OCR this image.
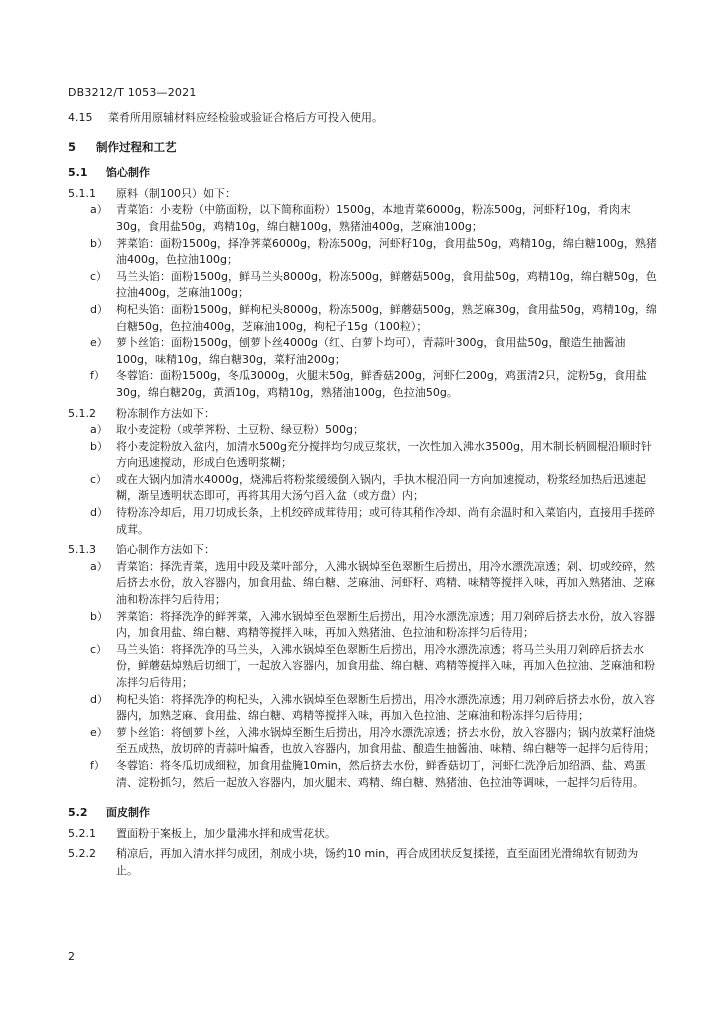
DB3212/T 1053—2021
4.15	菜肴所用原辅材料应经检验或验证合格后方可投入使用。
5	制作过程和工艺
5.1	馅心制作
5.1.1	原料（制100只）如下：
a） 青菜馅：小麦粉（中筋面粉，以下简称面粉）1500g，本地青菜6000g，粉冻500g，河虾籽10g，肴肉末30g，食用盐50g，鸡精10g，绵白糖100g，熟猪油400g，芝麻油100g；
b） 荠菜馅：面粉1500g，择净荠菜6000g，粉冻500g，河虾籽10g，食用盐50g，鸡精10g，绵白糖100g，熟猪油400g，色拉油100g；
c） 马兰头馅：面粉1500g，鲜马兰头8000g，粉冻500g，鲜蘑菇500g，食用盐50g，鸡精10g，绵白糖50g，色拉油400g，芝麻油100g；
d） 枸杞头馅：面粉1500g，鲜枸杞头8000g，粉冻500g，鲜蘑菇500g，熟芝麻30g，食用盐50g，鸡精10g，绵白糖50g，色拉油400g，芝麻油100g，枸杞子15g（100粒）；
e） 萝卜丝馅：面粉1500g，刨萝卜丝4000g（红、白萝卜均可），青蒜叶300g，食用盐50g，酿造生抽酱油100g，味精10g，绵白糖30g，菜籽油200g；
f）	冬蓉馅：面粉1500g，冬瓜3000g，火腿末50g，鲜香菇200g，河虾仁200g，鸡蛋清2只，淀粉5g，食用盐30g，绵白糖20g，黄酒10g，鸡精10g，熟猪油100g，色拉油50g。
5.1.2	粉冻制作方法如下：
a） 取小麦淀粉（或荸荠粉、土豆粉、绿豆粉）500g；
b） 将小麦淀粉放入盆内，加清水500g充分搅拌均匀成豆浆状，一次性加入沸水3500g，用木制长柄圆棍沿顺时针方向迅速搅动，形成白色透明浆糊；
c） 或在大锅内加清水4000g，烧沸后将粉浆缓缓倒入锅内，手执木棍沿同一方向加速搅动，粉浆经加热后迅速起糊，渐呈透明状态即可，再将其用大汤勺舀入盆（或方盘）内；
d） 待粉冻冷却后，用刀切成长条，上机绞碎成茸待用；或可待其稍作冷却、尚有余温时和入菜馅内，直接用手搓碎成茸。
5.1.3	馅心制作方法如下：
a） 青菜馅：择洗青菜，选用中段及菜叶部分，入沸水锅焯至色翠断生后捞出，用冷水漂洗凉透；剁、切或绞碎，然后挤去水份，放入容器内，加食用盐、绵白糖、芝麻油、河虾籽、鸡精、味精等搅拌入味，再加入熟猪油、芝麻油和粉冻拌匀后待用；
b） 荠菜馅：将择洗净的鲜荠菜，入沸水锅焯至色翠断生后捞出，用冷水漂洗凉透；用刀剁碎后挤去水份，放入容器内，加食用盐、绵白糖、鸡精等搅拌入味，再加入熟猪油、色拉油和粉冻拌匀后待用；
c） 马兰头馅：将择洗净的马兰头，入沸水锅焯至色翠断生后捞出，用冷水漂洗凉透；将马兰头用刀剁碎后挤去水份，鲜蘑菇焯熟后切细丁，一起放入容器内，加食用盐、绵白糖、鸡精等搅拌入味，再加入色拉油、芝麻油和粉冻拌匀后待用；
d） 枸杞头馅：将择洗净的枸杞头，入沸水锅焯至色翠断生后捞出，用冷水漂洗凉透；用刀剁碎后挤去水份，放入容器内，加熟芝麻、食用盐、绵白糖、鸡精等搅拌入味，再加入色拉油、芝麻油和粉冻拌匀后待用；
e） 萝卜丝馅：将刨萝卜丝，入沸水锅焯至断生后捞出，用冷水漂洗凉透；挤去水份，放入容器内；锅内放菜籽油烧至五成热，放切碎的青蒜叶煸香，也放入容器内，加食用盐、酿造生抽酱油、味精、绵白糖等一起拌匀后待用；
f）	冬蓉馅：将冬瓜切成细粒，加食用盐腌10min，然后挤去水份，鲜香菇切丁，河虾仁洗净后加绍酒、盐、鸡蛋清、淀粉抓匀，然后一起放入容器内，加火腿末、鸡精、绵白糖、熟猪油、色拉油等调味，一起拌匀后待用。
5.2	面皮制作
5.2.1	置面粉于案板上，加少量沸水拌和成雪花状。
5.2.2	稍凉后，再加入清水拌匀成团，剂成小块，饧约10 min，再合成团状反复揉搓，直至面团光滑绵软有韧劲为止。
2
